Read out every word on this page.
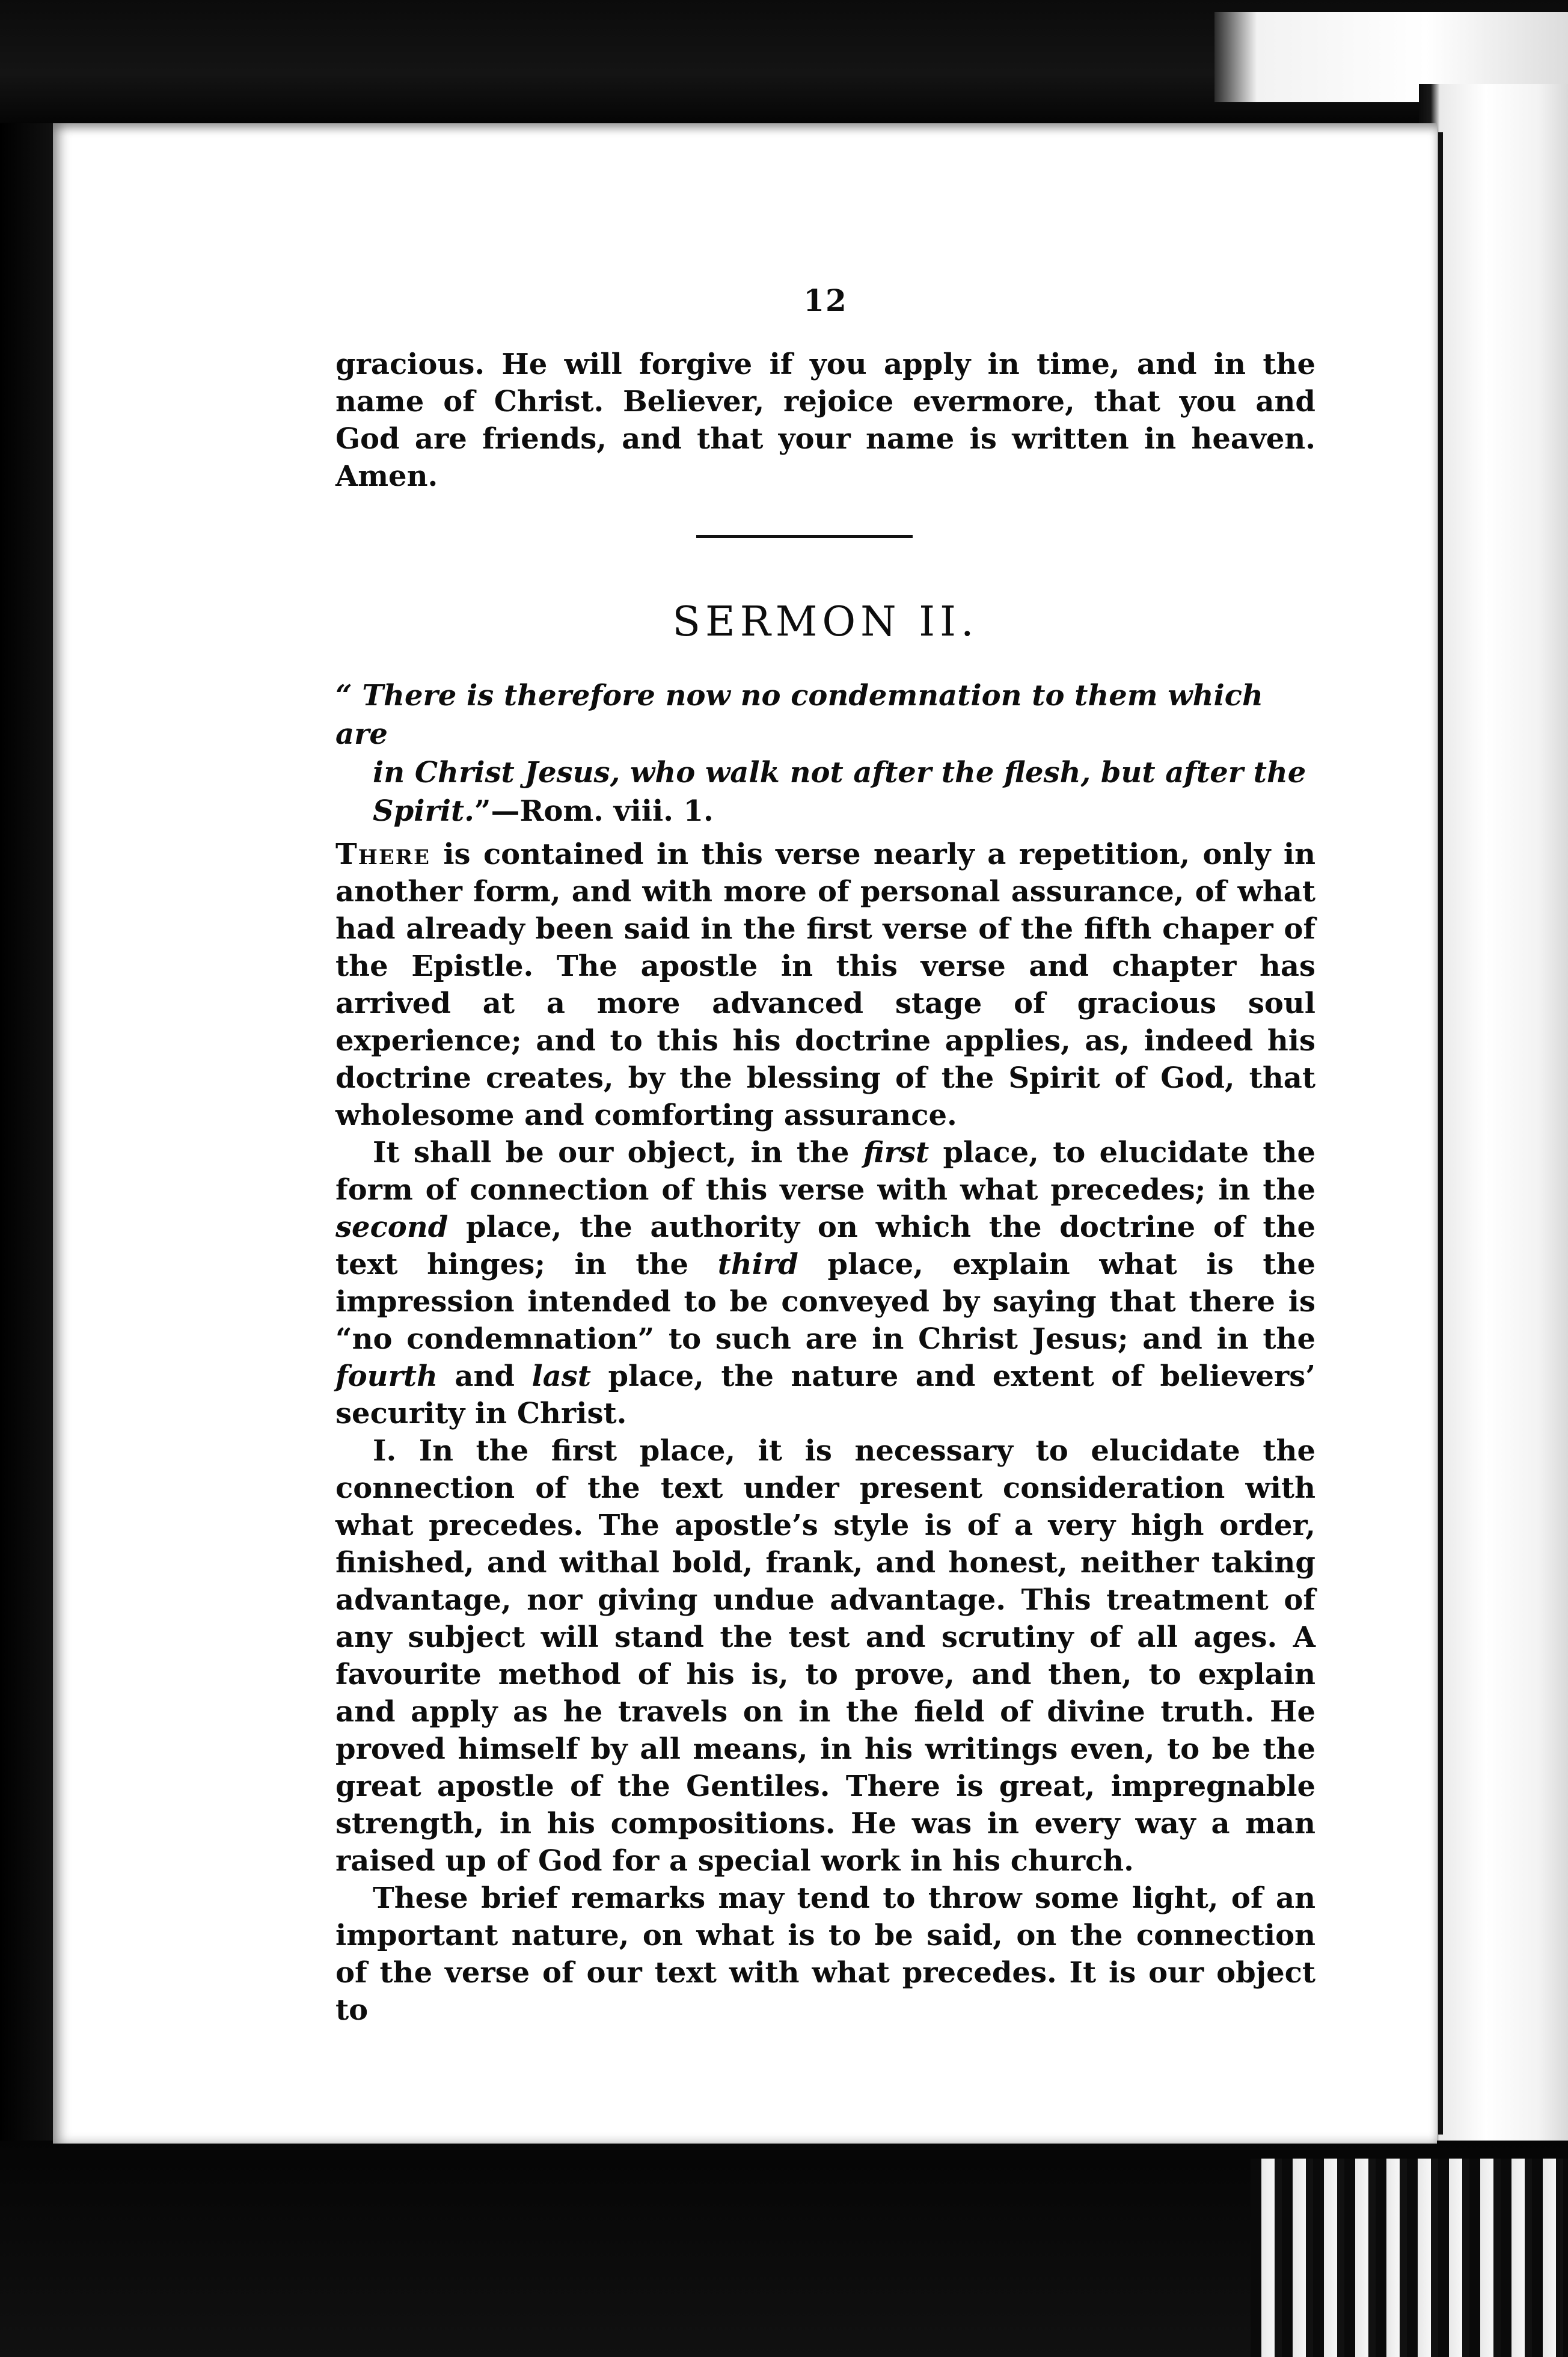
12

gracious. He will forgive if you apply in time, and in the name of Christ. Believer, rejoice evermore, that you and God are friends, and that your name is written in heaven. Amen.

SERMON II.
“ There is therefore now no condemnation to them which are
in Christ Jesus, who walk not after the flesh, but after the
Spirit.”—Rom. viii. 1.

There is contained in this verse nearly a repetition, only in another form, and with more of personal assurance, of what had already been said in the first verse of the fifth chaper of the Epistle. The apostle in this verse and chapter has arrived at a more advanced stage of gracious soul experience; and to this his doctrine applies, as, indeed his doctrine creates, by the blessing of the Spirit of God, that wholesome and comforting assurance.

It shall be our object, in the first place, to elucidate the form of connection of this verse with what precedes; in the second place, the authority on which the doctrine of the text hinges; in the third place, explain what is the impression intended to be conveyed by saying that there is “no condemnation” to such are in Christ Jesus; and in the fourth and last place, the nature and extent of believers’ security in Christ.

I. In the first place, it is necessary to elucidate the connection of the text under present consideration with what precedes. The apostle’s style is of a very high order, finished, and withal bold, frank, and honest, neither taking advantage, nor giving undue advantage. This treatment of any subject will stand the test and scrutiny of all ages. A favourite method of his is, to prove, and then, to explain and apply as he travels on in the field of divine truth. He proved himself by all means, in his writings even, to be the great apostle of the Gentiles. There is great, impregnable strength, in his compositions. He was in every way a man raised up of God for a special work in his church.

These brief remarks may tend to throw some light, of an important nature, on what is to be said, on the connection of the verse of our text with what precedes. It is our object to
